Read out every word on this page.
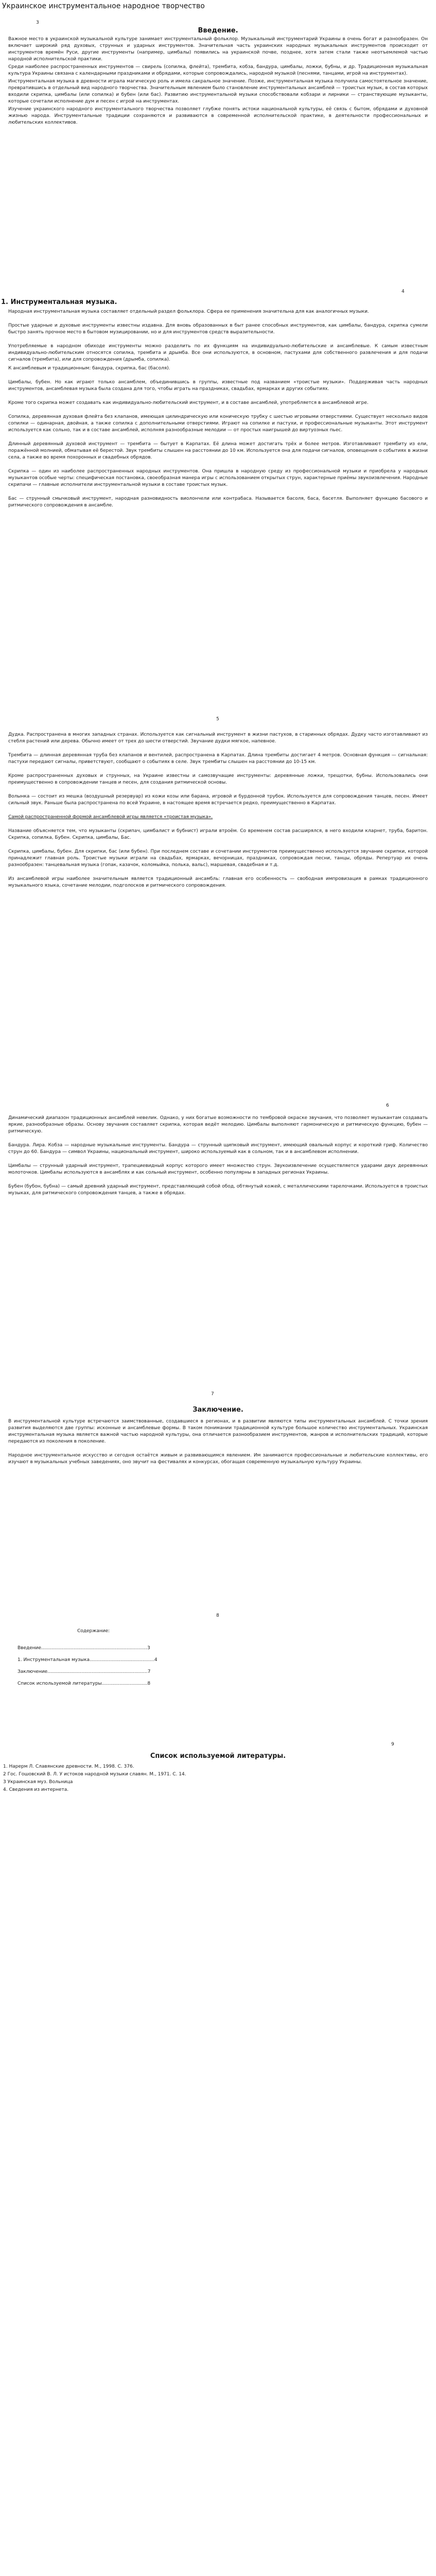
Украинское инструментальное народное творчество
3
Введение.

Важное место в украинской музыкальной культуре занимает инструментальный фольклор. Музыкальный инструментарий Украины в очень богат и разнообразен. Он включает широкий ряд духовых, струнных и ударных инструментов. Значительная часть украинских народных музыкальных инструментов происходит от инструментов времён Руси, другие инструменты (например, цимбалы) появились на украинской почве, позднее, хотя затем стали также неотъемлемой частью народной исполнительской практики.

Среди наиболее распространенных инструментов — свирель (сопилка, флейта), трембита, кобза, бандура, цимбалы, ложки, бубны, и др. Традиционная музыкальная культура Украины связана с календарными праздниками и обрядами, которые сопровождались, народной музыкой (песнями, танцами, игрой на инструментах).

Инструментальная музыка в древности играла магическую роль и имела сакральное значение. Позже, инструментальная музыка получила самостоятельное значение, превратившись в отдельный вид народного творчества. Значительным явлением было становление инструментальных ансамблей — троистых музык, в состав которых входили скрипка, цимбалы (или сопилка) и бубен (или бас). Развитию инструментальной музыки способствовали кобзари и лирники — странствующие музыканты, которые сочетали исполнение дум и песен с игрой на инструментах.

Изучение украинского народного инструментального творчества позволяет глубже понять истоки национальной культуры, её связь с бытом, обрядами и духовной жизнью народа. Инструментальные традиции сохраняются и развиваются в современной исполнительской практике, в деятельности профессиональных и любительских коллективов.

4
1. Инструментальная музыка.

Народная инструментальная музыка составляет отдельный раздел фольклора. Сфера ее применения значительна для как аналогичных музыки.

Простые ударные и духовые инструменты известны издавна. Для вновь образованных в быт ранее способных инструментов, как цимбалы, бандура, скрипка сумели быстро занять прочное место в бытовом музицировании, но и для инструментов средств выразительности.

Употребляемые в народном обиходе инструменты можно разделить по их функциям на индивидуально-любительские и ансамблевые. К самым известным индивидуально-любительским относятся сопилка, трембита и дрымба. Все они используются, в основном, пастухами для собственного развлечения и для подачи сигналов (трембита), или для сопровождения (дрымба, сопилка).

К ансамблевым и традиционным: бандура, скрипка, бас (басоля).

Цимбалы, бубен. Но как играют только ансамблем, объединившись в группы, известные под названием «троистые музыки». Поддерживая часть народных инструментов, ансамблевая музыка была создана для того, чтобы играть на праздниках, свадьбах, ярмарках и других событиях.

Кроме того скрипка может создавать как индивидуально-любительский инструмент, и в составе ансамблей, употребляется в ансамблевой игре.

Сопилка, деревянная духовая флейта без клапанов, имеющая цилиндрическую или коническую трубку с шестью игровыми отверстиями. Существует несколько видов сопилки — одинарная, двойная, а также сопилка с дополнительными отверстиями. Играют на сопилке и пастухи, и профессиональные музыканты. Этот инструмент используется как сольно, так и в составе ансамблей, исполняя разнообразные мелодии — от простых наигрышей до виртуозных пьес.

Длинный деревянный духовой инструмент — трембита — бытует в Карпатах. Её длина может достигать трёх и более метров. Изготавливают трембиту из ели, поражённой молнией, обматывая её берестой. Звук трембиты слышен на расстоянии до 10 км. Используется она для подачи сигналов, оповещения о событиях в жизни села, а также во время похоронных и свадебных обрядов.

Скрипка — один из наиболее распространенных народных инструментов. Она пришла в народную среду из профессиональной музыки и приобрела у народных музыкантов особые черты: специфическая постановка, своеобразная манера игры с использованием открытых струн, характерные приёмы звукоизвлечения. Народные скрипачи — главные исполнители инструментальной музыки в составе троистых музык.

Бас — струнный смычковый инструмент, народная разновидность виолончели или контрабаса. Называется басоля, баса, басетля. Выполняет функцию басового и ритмического сопровождения в ансамбле.

5

Дудка. Распространена в многих западных странах. Используется как сигнальный инструмент в жизни пастухов, в старинных обрядах. Дудку часто изготавливают из стебля растений или дерева. Обычно имеет от трех до шести отверстий. Звучание дудки мягкое, напевное.

Трембита — длинная деревянная труба без клапанов и вентилей, распространена в Карпатах. Длина трембиты достигает 4 метров. Основная функция — сигнальная: пастухи передают сигналы, приветствуют, сообщают о событиях в селе. Звук трембиты слышен на расстоянии до 10-15 км.

Кроме распространенных духовых и струнных, на Украине известны и самозвучащие инструменты: деревянные ложки, трещотки, бубны. Использовались они преимущественно в сопровождении танцев и песен, для создания ритмической основы.

Волынка — состоит из мешка (воздушный резервуар) из кожи козы или барана, игровой и бурдонной трубок. Используется для сопровождения танцев, песен. Имеет сильный звук. Раньше была распространена по всей Украине, в настоящее время встречается редко, преимущественно в Карпатах.

Самой распространенной формой ансамблевой игры является «троистая музыка».

Название объясняется тем, что музыканты (скрипач, цимбалист и бубнист) играли втроём. Со временем состав расширялся, в него входили кларнет, труба, баритон. Скрипка, сопилка, Бубен. Скрипка, цимбалы, Бас.

Скрипка, цимбалы, бубен. Для скрипки, бас (или бубен). При последнем составе и сочетании инструментов преимущественно используется звучание скрипки, которой принадлежит главная роль. Троистые музыки играли на свадьбах, ярмарках, вечорницах, праздниках, сопровождая песни, танцы, обряды. Репертуар их очень разнообразен: танцевальная музыка (гопак, казачок, коломыйка, полька, вальс), маршевая, свадебная и т.д.

Из ансамблевой игры наиболее значительным является традиционный ансамбль: главная его особенность — свободная импровизация в рамках традиционного музыкального языка, сочетание мелодии, подголосков и ритмического сопровождения.

6

Динамический диапазон традиционных ансамблей невелик. Однако, у них богатые возможности по тембровой окраске звучания, что позволяет музыкантам создавать яркие, разнообразные образы. Основу звучания составляет скрипка, которая ведёт мелодию. Цимбалы выполняют гармоническую и ритмическую функцию, бубен — ритмическую.

Бандура. Лира. Кобза — народные музыкальные инструменты. Бандура — струнный щипковый инструмент, имеющий овальный корпус и короткий гриф. Количество струн до 60. Бандура — символ Украины, национальный инструмент, широко используемый как в сольном, так и в ансамблевом исполнении.

Цимбалы — струнный ударный инструмент, трапециевидный корпус которого имеет множество струн. Звукоизвлечение осуществляется ударами двух деревянных молоточков. Цимбалы используются в ансамблях и как сольный инструмент, особенно популярны в западных регионах Украины.

Бубен (бубон, бубна) — самый древний ударный инструмент, представляющий собой обод, обтянутый кожей, с металлическими тарелочками. Используется в троистых музыках, для ритмического сопровождения танцев, а также в обрядах.

7
Заключение.

В инструментальной культуре встречаются заимствованные, создавшиеся в регионах, и в развитии являются типы инструментальных ансамблей. С точки зрения развития выделяются две группы: исконные и ансамблевые формы. В таком понимании традиционной культуре большое количество инструментальных. Украинская инструментальная музыка является важной частью народной культуры, она отличается разнообразием инструментов, жанров и исполнительских традиций, которые передаются из поколения в поколение.

Народное инструментальное искусство и сегодня остаётся живым и развивающимся явлением. Им занимаются профессиональные и любительские коллективы, его изучают в музыкальных учебных заведениях, оно звучит на фестивалях и конкурсах, обогащая современную музыкальную культуру Украины.

8
Содержание:
Введение........................................................................3
1. Инструментальная музыка............................................4
Заключение....................................................................7
Список используемой литературы...............................8
9
Список используемой литературы.

1. Нарерм Л. Славянские древности. М., 1998. С. 376.

2 Гос. Гошовский В. Л. У истоков народной музыки славян. М., 1971. С. 14.

3 Украинская муз. Вольница

4. Сведения из интернета.
